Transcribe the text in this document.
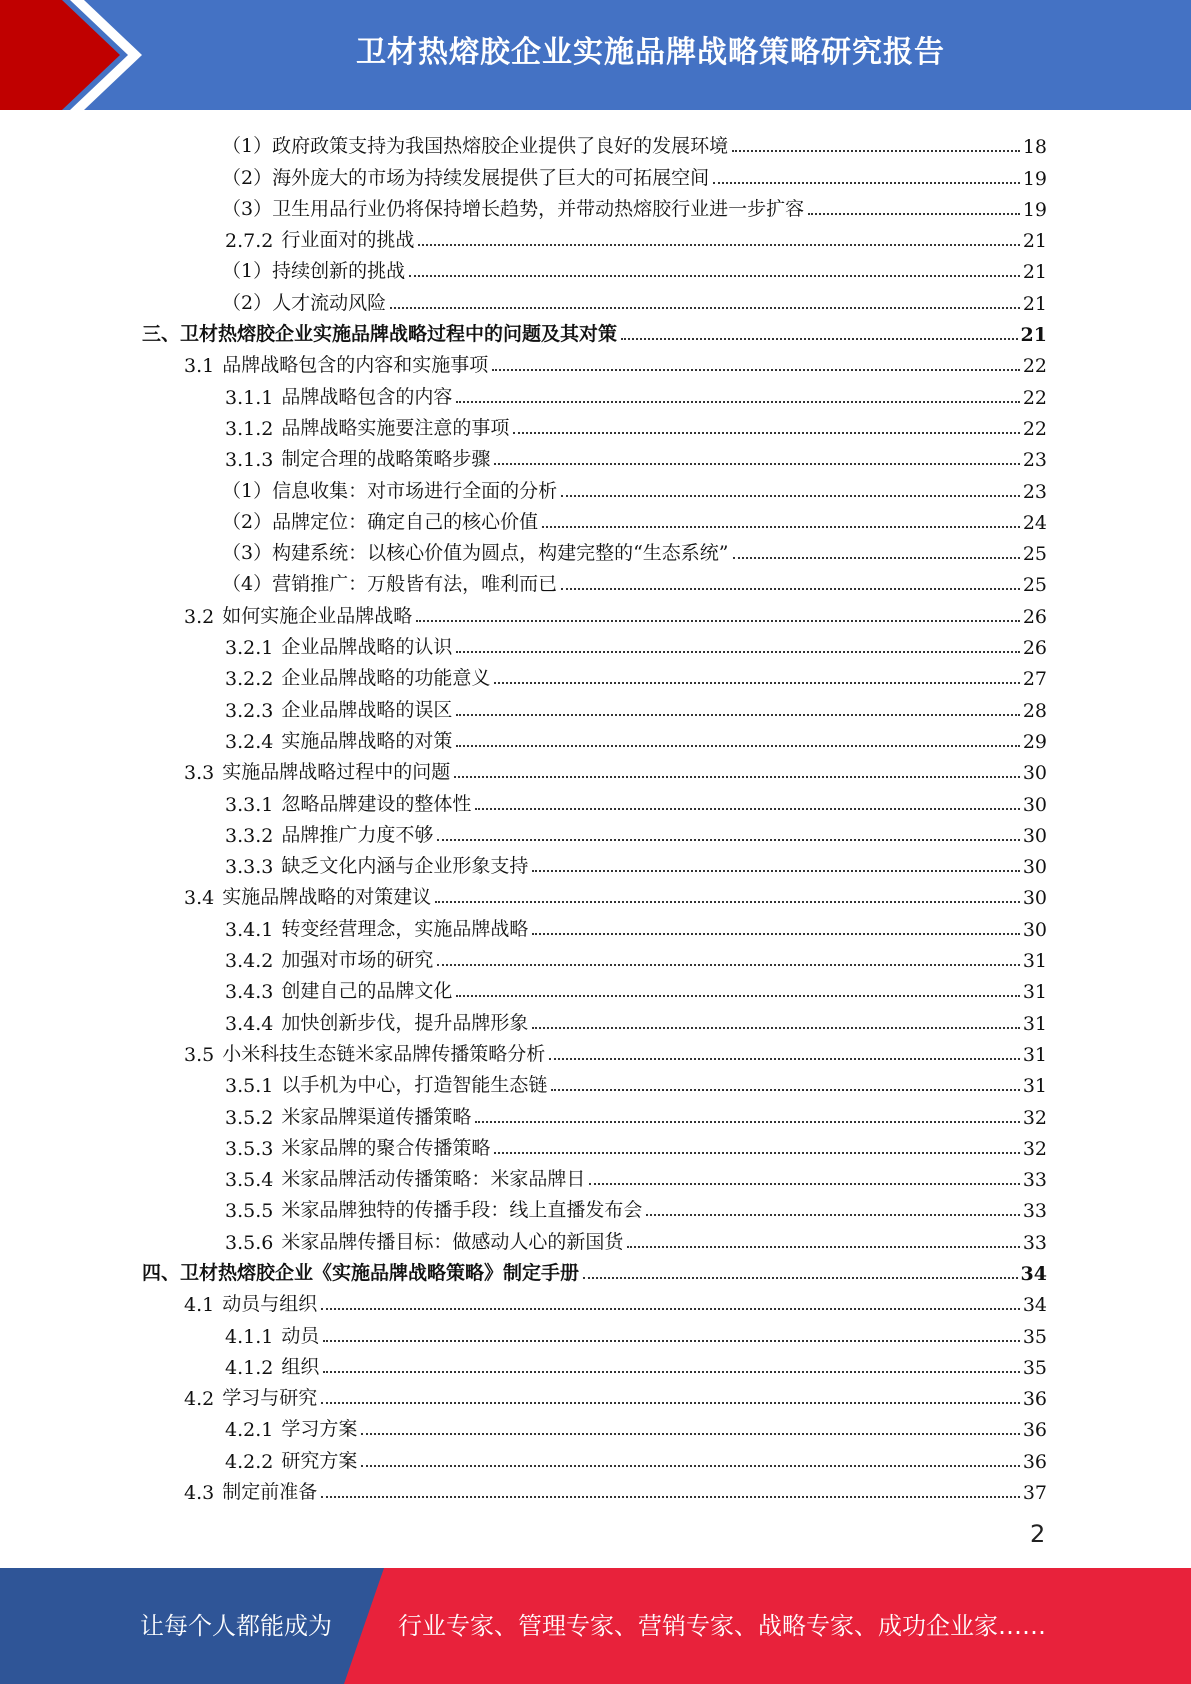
卫材热熔胶企业实施品牌战略策略研究报告
（1）政府政策支持为我国热熔胶企业提供了良好的发展环境	18
（2）海外庞大的市场为持续发展提供了巨大的可拓展空间	19
（3）卫生用品行业仍将保持增长趋势，并带动热熔胶行业进一步扩容	19
2.7.2 行业面对的挑战	21
（1）持续创新的挑战	21
（2）人才流动风险	21
三、卫材热熔胶企业实施品牌战略过程中的问题及其对策	21
3.1 品牌战略包含的内容和实施事项	22
3.1.1 品牌战略包含的内容	22
3.1.2 品牌战略实施要注意的事项	22
3.1.3 制定合理的战略策略步骤	23
（1）信息收集：对市场进行全面的分析	23
（2）品牌定位：确定自己的核心价值	24
（3）构建系统：以核心价值为圆点，构建完整的“生态系统”	25
（4）营销推广：万般皆有法，唯利而已	25
3.2 如何实施企业品牌战略	26
3.2.1 企业品牌战略的认识	26
3.2.2 企业品牌战略的功能意义	27
3.2.3 企业品牌战略的误区	28
3.2.4 实施品牌战略的对策	29
3.3 实施品牌战略过程中的问题	30
3.3.1 忽略品牌建设的整体性	30
3.3.2 品牌推广力度不够	30
3.3.3 缺乏文化内涵与企业形象支持	30
3.4 实施品牌战略的对策建议	30
3.4.1 转变经营理念，实施品牌战略	30
3.4.2 加强对市场的研究	31
3.4.3 创建自己的品牌文化	31
3.4.4 加快创新步伐，提升品牌形象	31
3.5 小米科技生态链米家品牌传播策略分析	31
3.5.1 以手机为中心，打造智能生态链	31
3.5.2 米家品牌渠道传播策略	32
3.5.3 米家品牌的聚合传播策略	32
3.5.4 米家品牌活动传播策略：米家品牌日	33
3.5.5 米家品牌独特的传播手段：线上直播发布会	33
3.5.6 米家品牌传播目标：做感动人心的新国货	33
四、卫材热熔胶企业《实施品牌战略策略》制定手册	34
4.1 动员与组织	34
4.1.1 动员	35
4.1.2 组织	35
4.2 学习与研究	36
4.2.1 学习方案	36
4.2.2 研究方案	36
4.3 制定前准备	37
2
让每个人都能成为	行业专家、管理专家、营销专家、战略专家、成功企业家……
